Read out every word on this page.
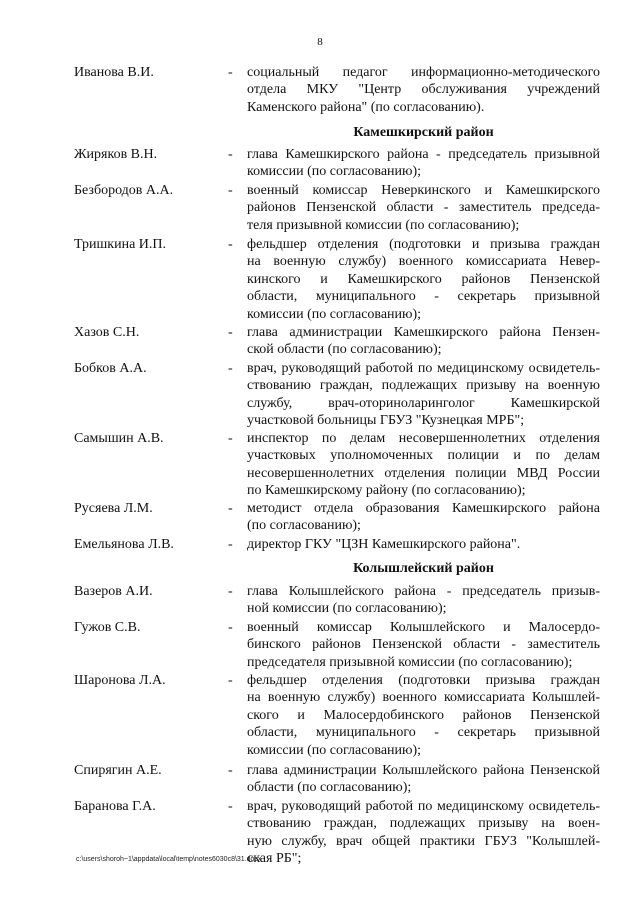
8
Иванова В.И.	- социальный педагог информационно-методического
отдела МКУ "Центр обслуживания учреждений
Каменского района" (по согласованию).
Камешкирский район
Жиряков В.Н.	- глава Камешкирского района - председатель призывной
комиссии (по согласованию);
Безбородов А.А.	- военный комиссар Неверкинского и Камешкирского
районов Пензенской области - заместитель председа-
теля призывной комиссии (по согласованию);
Тришкина И.П.	- фельдшер отделения (подготовки и призыва граждан
на военную службу) военного комиссариата Невер-
кинского и Камешкирского районов Пензенской
области, муниципального - секретарь призывной
комиссии (по согласованию);
Хазов С.Н.	- глава администрации Камешкирского района Пензен-
ской области (по согласованию);
Бобков А.А.	- врач, руководящий работой по медицинскому освидетель-
ствованию граждан, подлежащих призыву на военную
службу, врач-оториноларинголог Камешкирской
участковой больницы ГБУЗ "Кузнецкая МРБ";
Самышин А.В.	- инспектор по делам несовершеннолетних отделения
участковых уполномоченных полиции и по делам
несовершеннолетних отделения полиции МВД России
по Камешкирскому району (по согласованию);
Русяева Л.М.	- методист отдела образования Камешкирского района
(по согласованию);
Емельянова Л.В.	- директор ГКУ "ЦЗН Камешкирского района".
Колышлейский район
Вазеров А.И.	- глава Колышлейского района - председатель призыв-
ной комиссии (по согласованию);
Гужов С.В.	- военный комиссар Колышлейского и Малосердо-
бинского районов Пензенской области - заместитель
председателя призывной комиссии (по согласованию);
Шаронова Л.А.	- фельдшер отделения (подготовки призыва граждан
на военную службу) военного комиссариата Колышлей-
ского и Малосердобинского районов Пензенской
области, муниципального - секретарь призывной
комиссии (по согласованию);
Спирягин А.Е.	- глава администрации Колышлейского района Пензенской
области (по согласованию);
Баранова Г.А.	- врач, руководящий работой по медицинскому освидетель-
ствованию граждан, подлежащих призыву на воен-
ную службу, врач общей практики ГБУЗ "Колышлей-
ская РБ";
c:\users\shoroh~1\appdata\local\temp\notes6030c8\31.docx
